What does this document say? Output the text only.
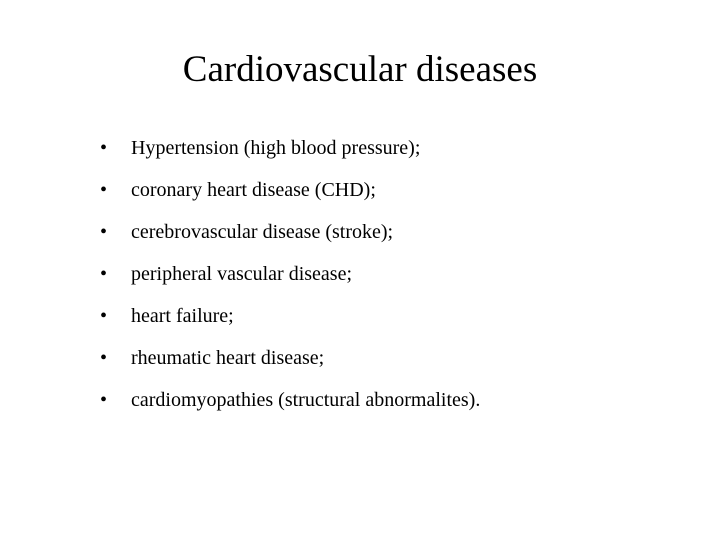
Cardiovascular diseases
•	Hypertension (high blood pressure);
•	coronary heart disease (CHD);
•	cerebrovascular disease (stroke);
•	peripheral vascular disease;
•	heart failure;
•	rheumatic heart disease;
•	cardiomyopathies (structural abnormalites).
